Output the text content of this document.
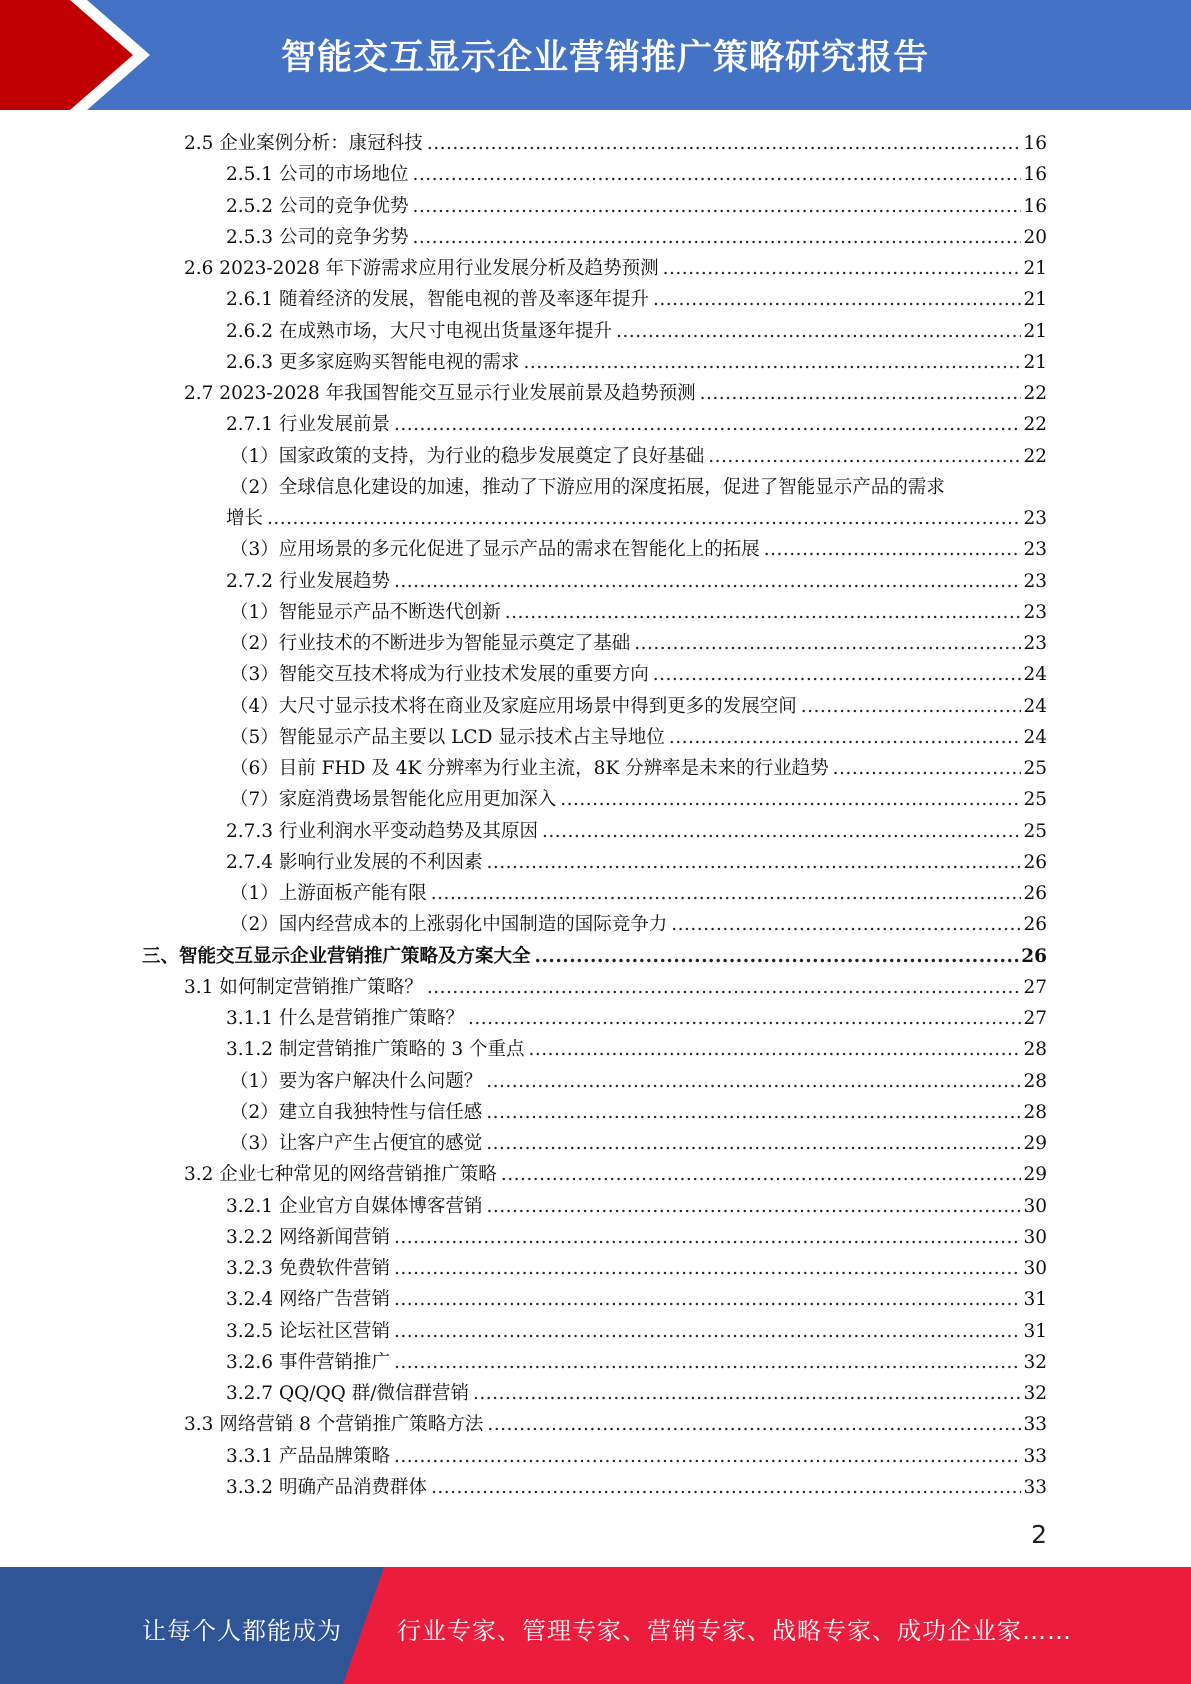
智能交互显示企业营销推广策略研究报告
2.5 企业案例分析：康冠科技 .....	16
2.5.1 公司的市场地位 .....	16
2.5.2 公司的竞争优势 .....	16
2.5.3 公司的竞争劣势 .....	20
2.6 2023-2028 年下游需求应用行业发展分析及趋势预测 .....	21
2.6.1 随着经济的发展，智能电视的普及率逐年提升 .....	21
2.6.2 在成熟市场，大尺寸电视出货量逐年提升 .....	21
2.6.3 更多家庭购买智能电视的需求 .....	21
2.7 2023-2028 年我国智能交互显示行业发展前景及趋势预测 .....	22
2.7.1 行业发展前景 .....	22
（1）国家政策的支持，为行业的稳步发展奠定了良好基础 .....	22
（2）全球信息化建设的加速，推动了下游应用的深度拓展，促进了智能显示产品的需求
增长 .....	23
（3）应用场景的多元化促进了显示产品的需求在智能化上的拓展 .....	23
2.7.2 行业发展趋势 .....	23
（1）智能显示产品不断迭代创新 .....	23
（2）行业技术的不断进步为智能显示奠定了基础 .....	23
（3）智能交互技术将成为行业技术发展的重要方向 .....	24
（4）大尺寸显示技术将在商业及家庭应用场景中得到更多的发展空间 .....	24
（5）智能显示产品主要以 LCD 显示技术占主导地位 .....	24
（6）目前 FHD 及 4K 分辨率为行业主流，8K 分辨率是未来的行业趋势 .....	25
（7）家庭消费场景智能化应用更加深入 .....	25
2.7.3 行业利润水平变动趋势及其原因 .....	25
2.7.4 影响行业发展的不利因素 .....	26
（1）上游面板产能有限 .....	26
（2）国内经营成本的上涨弱化中国制造的国际竞争力 .....	26
三、智能交互显示企业营销推广策略及方案大全 .....	26
3.1 如何制定营销推广策略？ .....	27
3.1.1 什么是营销推广策略？ .....	27
3.1.2 制定营销推广策略的 3 个重点 .....	28
（1）要为客户解决什么问题？ .....	28
（2）建立自我独特性与信任感 .....	28
（3）让客户产生占便宜的感觉 .....	29
3.2 企业七种常见的网络营销推广策略 .....	29
3.2.1 企业官方自媒体博客营销 .....	30
3.2.2 网络新闻营销 .....	30
3.2.3 免费软件营销 .....	30
3.2.4 网络广告营销 .....	31
3.2.5 论坛社区营销 .....	31
3.2.6 事件营销推广 .....	32
3.2.7 QQ/QQ 群/微信群营销 .....	32
3.3 网络营销 8 个营销推广策略方法 .....	33
3.3.1 产品品牌策略 .....	33
3.3.2 明确产品消费群体 .....	33
2
让每个人都能成为 行业专家、管理专家、营销专家、战略专家、成功企业家……
